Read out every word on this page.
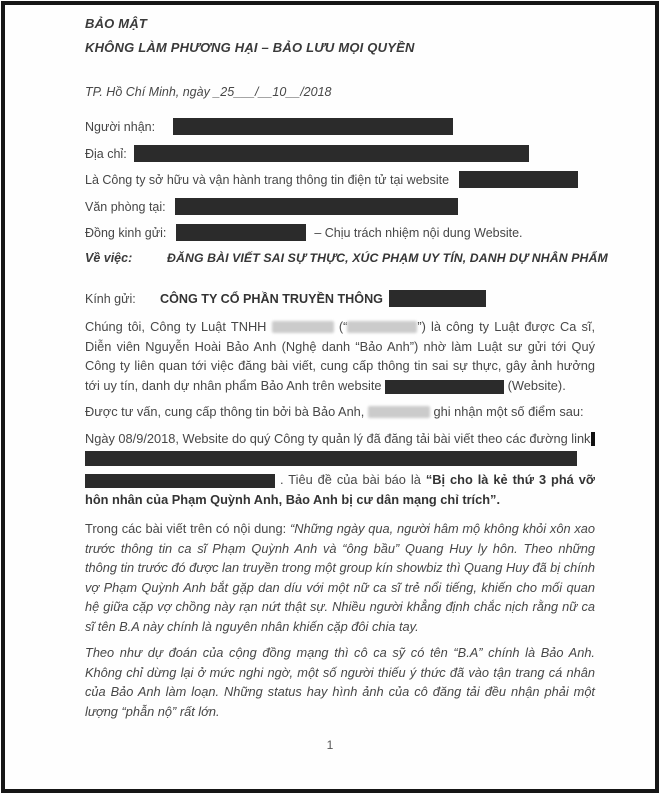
BẢO MẬT
KHÔNG LÀM PHƯƠNG HẠI – BẢO LƯU MỌI QUYỀN
TP. Hồ Chí Minh, ngày _25___/__10__/2018
Người nhận:
Địa chỉ:
Là Công ty sở hữu và vận hành trang thông tin điện tử tại website
Văn phòng tại:
Đồng kinh gửi:	– Chịu trách nhiệm nội dung Website.
Về việc:	ĐĂNG BÀI VIẾT SAI SỰ THỰC, XÚC PHẠM UY TÍN, DANH DỰ NHÂN PHẨM
Kính gửi: CÔNG TY CỔ PHẦN TRUYỀN THÔNG

Chúng tôi, Công ty Luật TNHH	(“	”) là công ty Luật được Ca sĩ, Diễn viên Nguyễn Hoài Bảo Anh (Nghệ danh “Bảo Anh”) nhờ làm Luật sư gửi tới Quý Công ty liên quan tới việc đăng bài viết, cung cấp thông tin sai sự thực, gây ảnh hưởng tới uy tín, danh dự nhân phẩm Bảo Anh trên website	(Website).

Được tư vấn, cung cấp thông tin bởi bà Bảo Anh,	ghi nhận một số điểm sau:

Ngày 08/9/2018, Website do quý Công ty quản lý đã đăng tải bài viết theo các đường link

. Tiêu đề của bài báo là “Bị cho là kẻ thứ 3 phá vỡ hôn nhân của Phạm Quỳnh Anh, Bảo Anh bị cư dân mạng chỉ trích”.

Trong các bài viết trên có nội dung: “Những ngày qua, người hâm mộ không khỏi xôn xao trước thông tin ca sĩ Phạm Quỳnh Anh và “ông bầu” Quang Huy ly hôn. Theo những thông tin trước đó được lan truyền trong một group kín showbiz thì Quang Huy đã bị chính vợ Phạm Quỳnh Anh bắt gặp dan díu với một nữ ca sĩ trẻ nổi tiếng, khiến cho mối quan hệ giữa cặp vợ chồng này rạn nứt thật sự. Nhiều người khẳng định chắc nịch rằng nữ ca sĩ tên B.A này chính là nguyên nhân khiến cặp đôi chia tay.

Theo như dự đoán của cộng đồng mạng thì cô ca sỹ có tên “B.A” chính là Bảo Anh. Không chỉ dừng lại ở mức nghi ngờ, một số người thiếu ý thức đã vào tận trang cá nhân của Bảo Anh làm loạn. Những status hay hình ảnh của cô đăng tải đều nhận phải một lượng “phẫn nộ” rất lớn.

1
